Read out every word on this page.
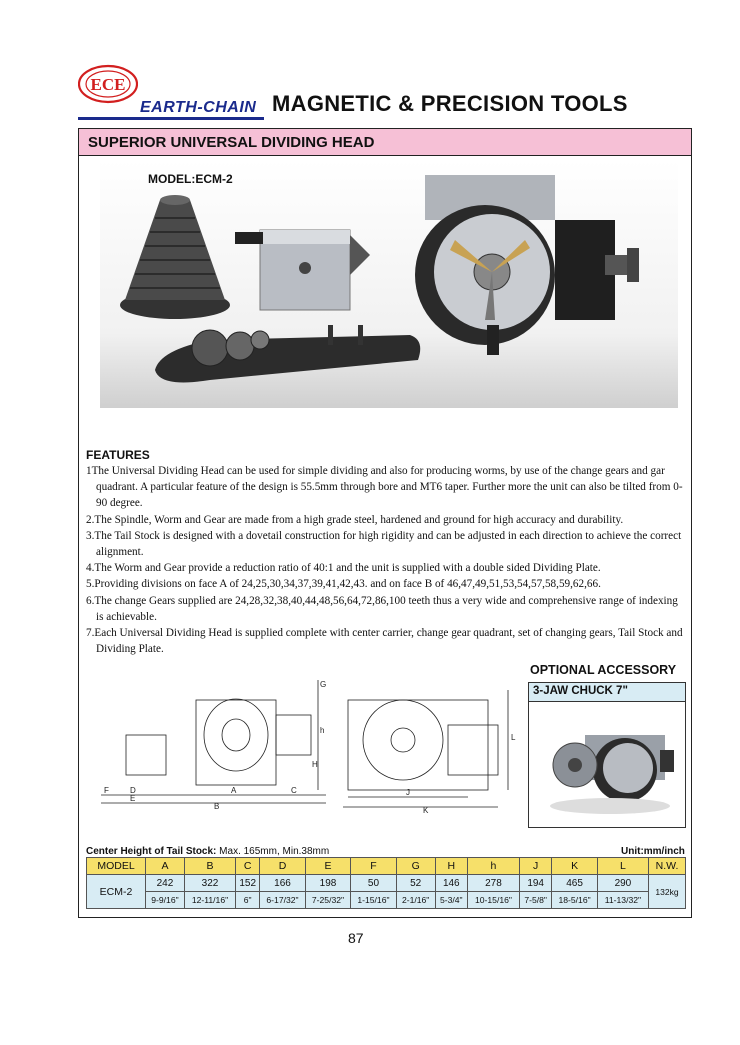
ECE
EARTH-CHAIN MAGNETIC & PRECISION TOOLS
SUPERIOR UNIVERSAL DIVIDING HEAD
MODEL:ECM-2
FEATURES
1The Universal Dividing Head can be used for simple dividing and also for producing worms, by use of the change gears and gar quadrant. A particular feature of the design is 55.5mm through bore and MT6 taper. Further more the unit can also be tilted from 0-90 degree.
2.The Spindle, Worm and Gear are made from a high grade steel, hardened and ground for high accuracy and durability.
3.The Tail Stock is designed with a dovetail construction for high rigidity and can be adjusted in each direction to achieve the correct alignment.
4.The Worm and Gear provide a reduction ratio of 40:1 and the unit is supplied with a double sided Dividing Plate.
5.Providing divisions on face A of 24,25,30,34,37,39,41,42,43. and on face B of 46,47,49,51,53,54,57,58,59,62,66.
6.The change Gears supplied are 24,28,32,38,40,44,48,56,64,72,86,100 teeth thus a very wide and comprehensive range of indexing is achievable.
7.Each Universal Dividing Head is supplied complete with center carrier, change gear quadrant, set of changing gears, Tail Stock and Dividing Plate.
G
h
H
F	D	C
E
A
B
L
J
K
OPTIONAL ACCESSORY
3-JAW CHUCK 7"
Center Height of Tail Stock: Max. 165mm, Min.38mm	Unit:mm/inch
MODEL	A	B	C	D	E	F	G	H	h	J	K	L	N.W.
ECM-2	242	322	152	166	198	50	52	146	278	194	465	290	132kg
	9-9/16"	12-11/16"	6"	6-17/32"	7-25/32"	1-15/16"	2-1/16"	5-3/4"	10-15/16"	7-5/8"	18-5/16"	11-13/32"	
87
